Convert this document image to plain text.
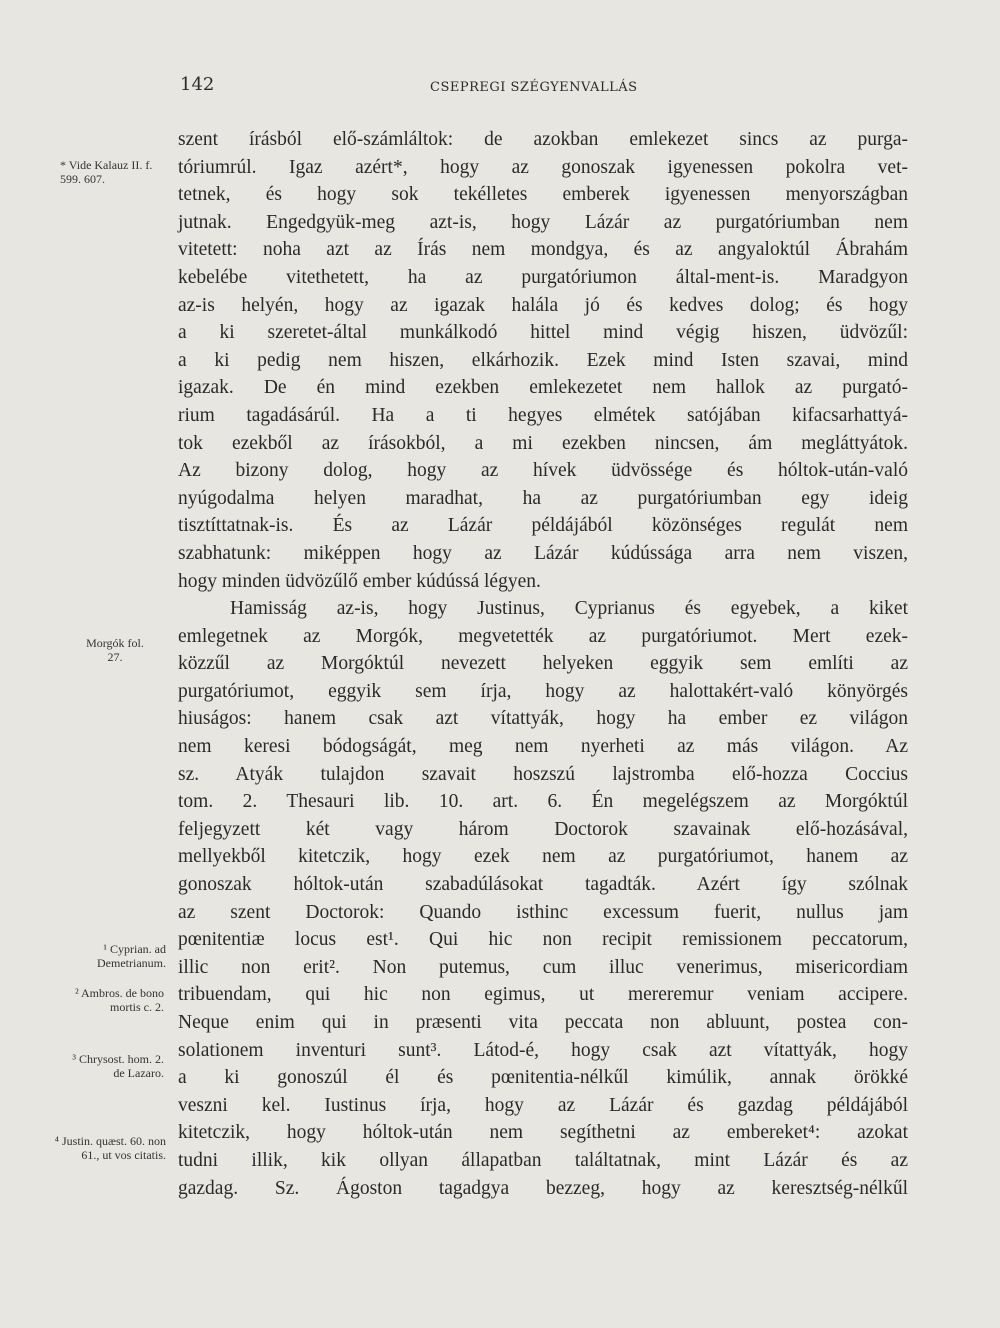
142	CSEPREGI SZÉGYENVALLÁS
* Vide Kalauz II. f. 599. 607.
Morgók fol. 27.
¹ Cyprian. ad Demetrianum.
² Ambros. de bono mortis c. 2.
³ Chrysost. hom. 2. de Lazaro.
⁴ Justin. quæst. 60. non 61., ut vos citatis.
szent írásból elő-számláltok: de azokban emlekezet sincs az purga-
tóriumrúl. Igaz azért*, hogy az gonoszak igyenessen pokolra vet-
tetnek, és hogy sok tekélletes emberek igyenessen menyországban
jutnak. Engedgyük-meg azt-is, hogy Lázár az purgatóriumban nem
vitetett: noha azt az Írás nem mondgya, és az angyaloktúl Ábrahám
kebelébe vitethetett, ha az purgatóriumon által-ment-is. Maradgyon
az-is helyén, hogy az igazak halála jó és kedves dolog; és hogy
a ki szeretet-által munkálkodó hittel mind végig hiszen, üdvözűl:
a ki pedig nem hiszen, elkárhozik. Ezek mind Isten szavai, mind
igazak. De én mind ezekben emlekezetet nem hallok az purgató-
rium tagadásárúl. Ha a ti hegyes elmétek satójában kifacsarhattyá-
tok ezekből az írásokból, a mi ezekben nincsen, ám megláttyátok.
Az bizony dolog, hogy az hívek üdvössége és hóltok-után-való
nyúgodalma helyen maradhat, ha az purgatóriumban egy ideig
tisztíttatnak-is. És az Lázár példájából közönséges regulát nem
szabhatunk: miképpen hogy az Lázár kúdússága arra nem viszen,
hogy minden üdvözűlő ember kúdússá légyen.
Hamisság az-is, hogy Justinus, Cyprianus és egyebek, a kiket
emlegetnek az Morgók, megvetették az purgatóriumot. Mert ezek-
közzűl az Morgóktúl nevezett helyeken eggyik sem említi az
purgatóriumot, eggyik sem írja, hogy az halottakért-való könyörgés
hiuságos: hanem csak azt vítattyák, hogy ha ember ez világon
nem keresi bódogságát, meg nem nyerheti az más világon. Az
sz. Atyák tulajdon szavait hoszszú lajstromba elő-hozza Coccius
tom. 2. Thesauri lib. 10. art. 6. Én megelégszem az Morgóktúl
feljegyzett két vagy három Doctorok szavainak elő-hozásával,
mellyekből kitetczik, hogy ezek nem az purgatóriumot, hanem az
gonoszak hóltok-után szabadúlásokat tagadták. Azért így szólnak
az szent Doctorok: Quando isthinc excessum fuerit, nullus jam
pœnitentiæ locus est¹. Qui hic non recipit remissionem peccatorum,
illic non erit². Non putemus, cum illuc venerimus, misericordiam
tribuendam, qui hic non egimus, ut mereremur veniam accipere.
Neque enim qui in præsenti vita peccata non abluunt, postea con-
solationem inventuri sunt³. Látod-é, hogy csak azt vítattyák, hogy
a ki gonoszúl él és pœnitentia-nélkűl kimúlik, annak örökké
veszni kel. Iustinus írja, hogy az Lázár és gazdag példájából
kitetczik, hogy hóltok-után nem segíthetni az embereket⁴: azokat
tudni illik, kik ollyan állapatban találtatnak, mint Lázár és az
gazdag. Sz. Ágoston tagadgya bezzeg, hogy az keresztség-nélkűl
